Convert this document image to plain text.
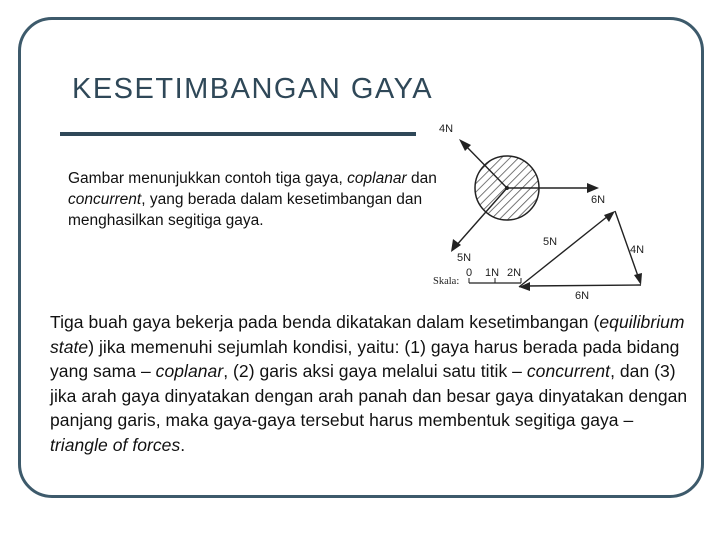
KESETIMBANGAN GAYA

Gambar menunjukkan contoh tiga gaya, coplanar dan concurrent, yang berada dalam kesetimbangan dan menghasilkan segitiga gaya.

4N
6N
5N
5N
4N
6N
Skala:
0 1N 2N

Tiga buah gaya bekerja pada benda dikatakan dalam kesetimbangan (equilibrium state) jika memenuhi sejumlah kondisi, yaitu: (1) gaya harus berada pada bidang yang sama – coplanar, (2) garis aksi gaya melalui satu titik – concurrent, dan (3) jika arah gaya dinyatakan dengan arah panah dan besar gaya dinyatakan dengan panjang garis, maka gaya-gaya tersebut harus membentuk segitiga gaya – triangle of forces.
